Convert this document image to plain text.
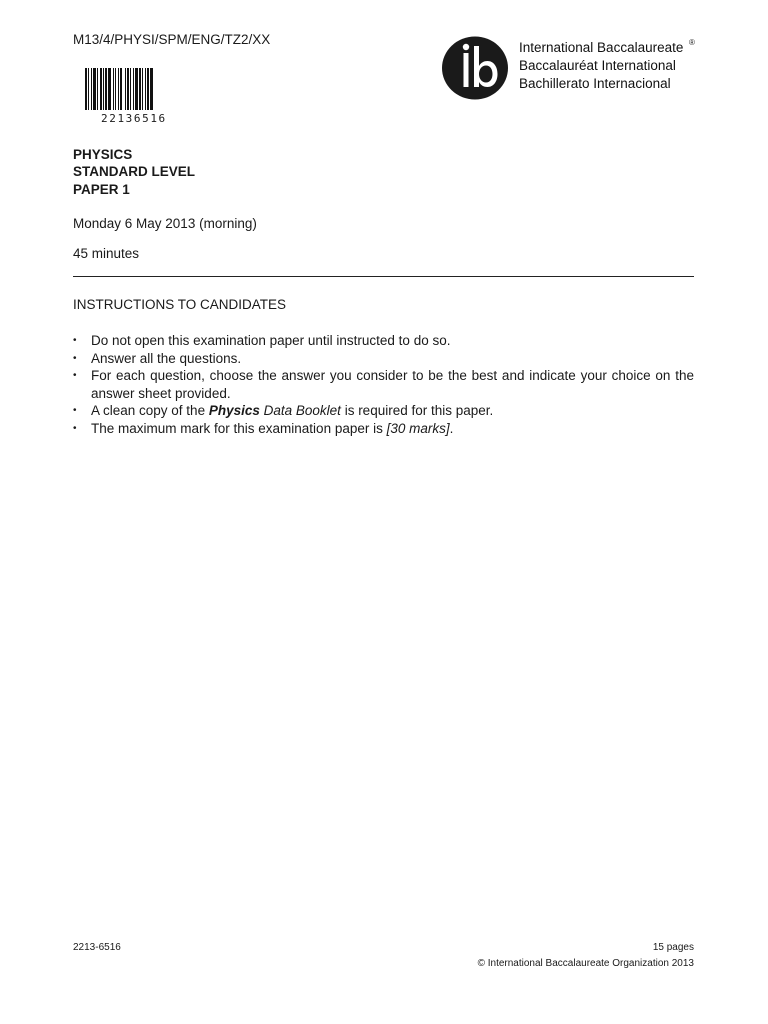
M13/4/PHYSI/SPM/ENG/TZ2/XX
22136516
International Baccalaureate
Baccalauréat International
Bachillerato Internacional
®
PHYSICS
STANDARD LEVEL
PAPER 1
Monday 6 May 2013 (morning)
45 minutes
INSTRUCTIONS TO CANDIDATES
• Do not open this examination paper until instructed to do so.
• Answer all the questions.
• For each question, choose the answer you consider to be the best and indicate your choice on the answer sheet provided.
• A clean copy of the Physics Data Booklet is required for this paper.
• The maximum mark for this examination paper is [30 marks].
2213-6516	15 pages
© International Baccalaureate Organization 2013
